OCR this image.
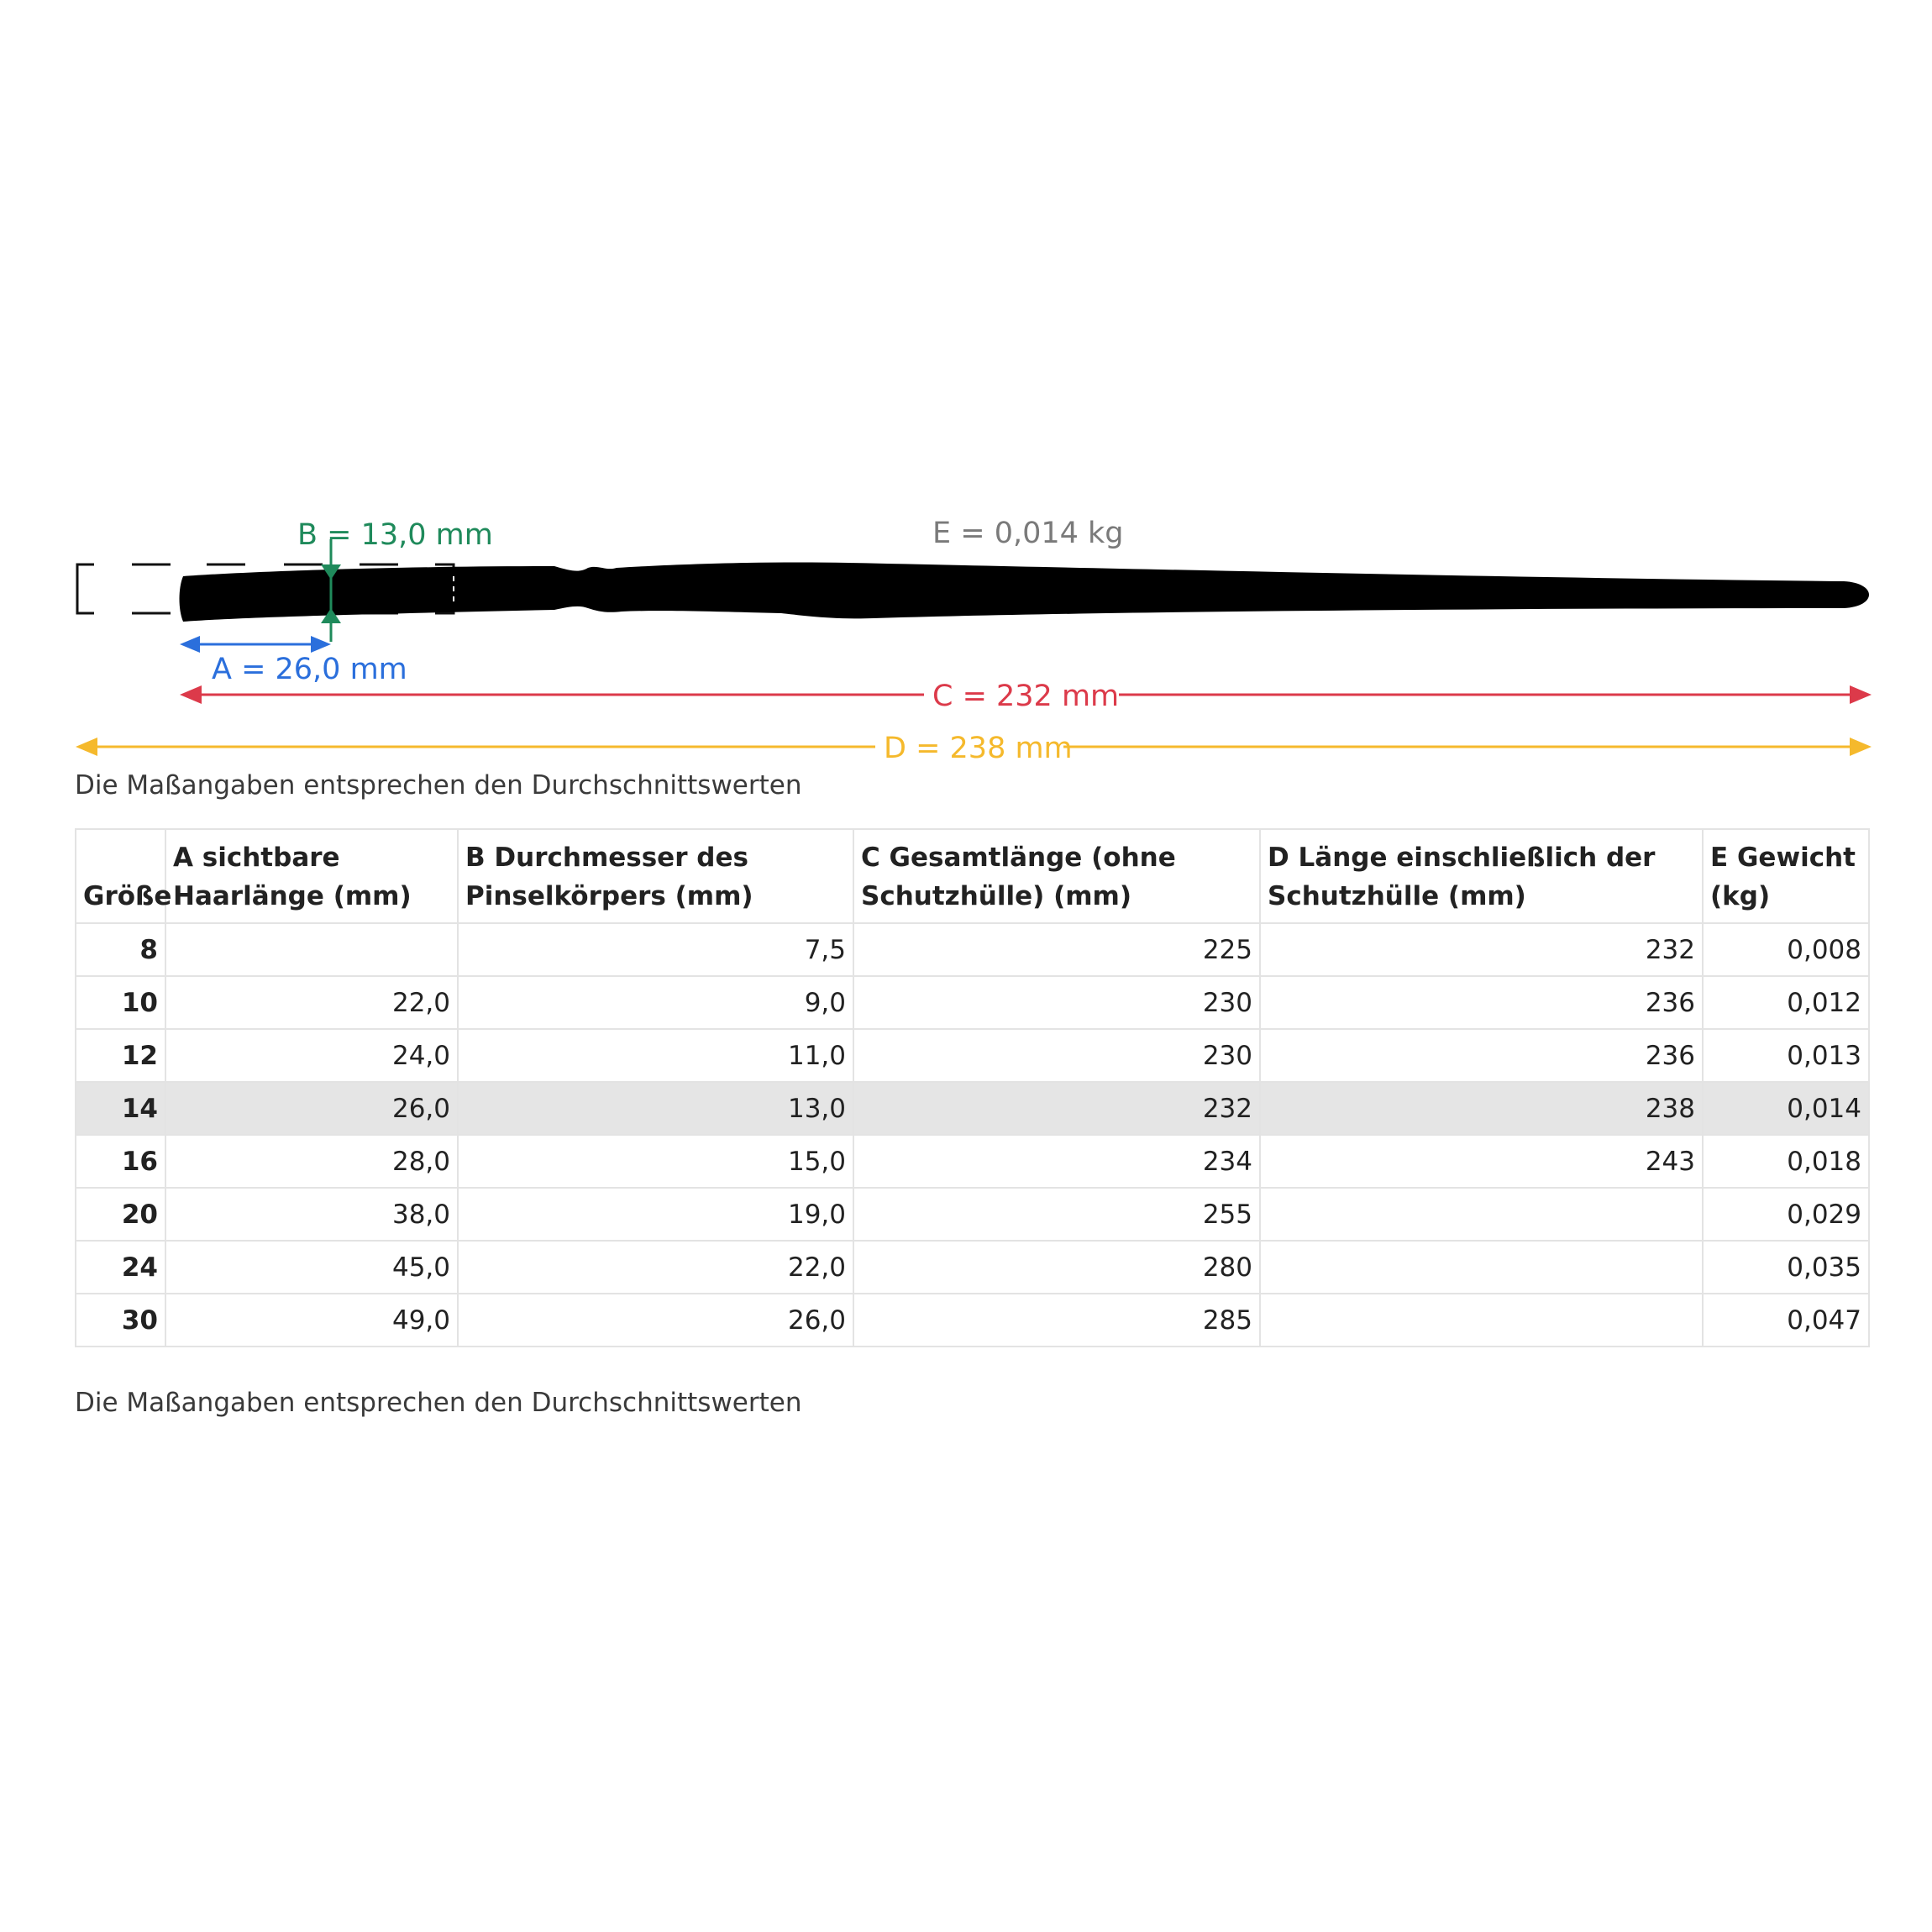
B = 13,0 mm	E = 0,014 kg
A = 26,0 mm
C = 232 mm
D = 238 mm
Die Maßangaben entsprechen den Durchschnittswerten
Größe	A sichtbare Haarlänge (mm)	B Durchmesser des Pinselkörpers (mm)	C Gesamtlänge (ohne Schutzhülle) (mm)	D Länge einschließlich der Schutzhülle (mm)	E Gewicht (kg)
8		7,5	225	232	0,008
10	22,0	9,0	230	236	0,012
12	24,0	11,0	230	236	0,013
14	26,0	13,0	232	238	0,014
16	28,0	15,0	234	243	0,018
20	38,0	19,0	255		0,029
24	45,0	22,0	280		0,035
30	49,0	26,0	285		0,047
Die Maßangaben entsprechen den Durchschnittswerten
